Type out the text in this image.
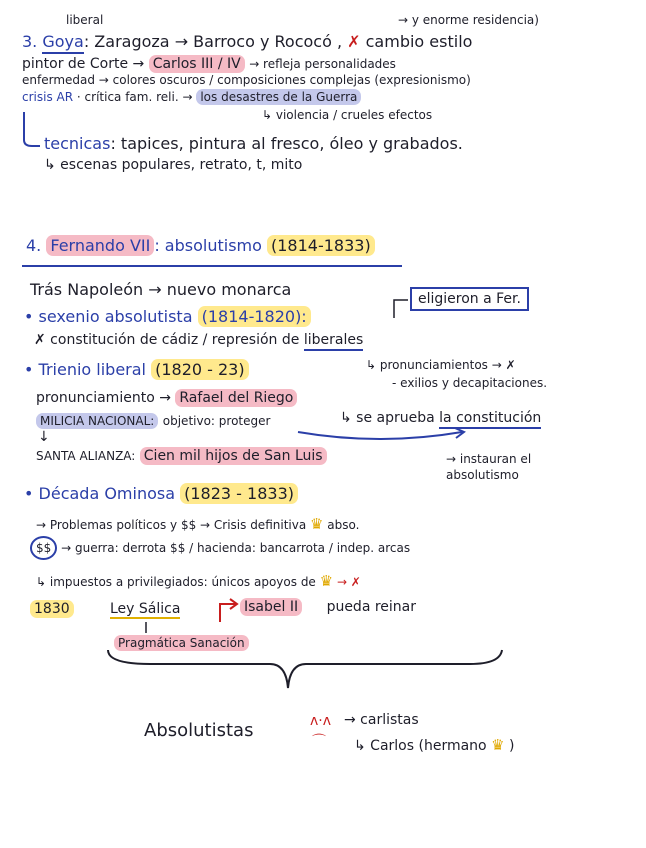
liberal	→ y enorme residencia)
3. Goya: Zaragoza → Barroco y Rococó , ✗ cambio estilo
pintor de Corte → Carlos III / IV → refleja personalidades
enfermedad → colores oscuros / composiciones complejas (expresionismo)
crisis AR · crítica fam. reli. → los desastres de la Guerra
↳ violencia / crueles efectos
tecnicas: tapices, pintura al fresco, óleo y grabados.
↳ escenas populares, retrato, t, mito
4. Fernando VII : absolutismo (1814-1833)
Trás Napoleón → nuevo monarca	eligieron a Fer.
• sexenio absolutista (1814-1820):
✗ constitución de cádiz / represión de liberales
↳ pronunciamientos → ✗
- exilios y decapitaciones.
• Trienio liberal (1820 - 23)
pronunciamiento → Rafael del Riego
MILICIA NACIONAL: objetivo: proteger	↳ se aprueba la constitución
↓
SANTA ALIANZA: Cien mil hijos de San Luis	→ instauran el absolutismo
• Década Ominosa (1823 - 1833)
→ Problemas políticos y $$ → Crisis definitiva ♛ abso.
$$ → guerra: derrota $$ / hacienda: bancarrota / indep. arcas
↳ impuestos a privilegiados: únicos apoyos de ♛ → ✗
1830	Ley Sálica	Isabel II pueda reinar
Pragmática Sanación
Absolutistas	ʌ·ʌ
⌒
→ carlistas
↳ Carlos (hermano ♛ )
